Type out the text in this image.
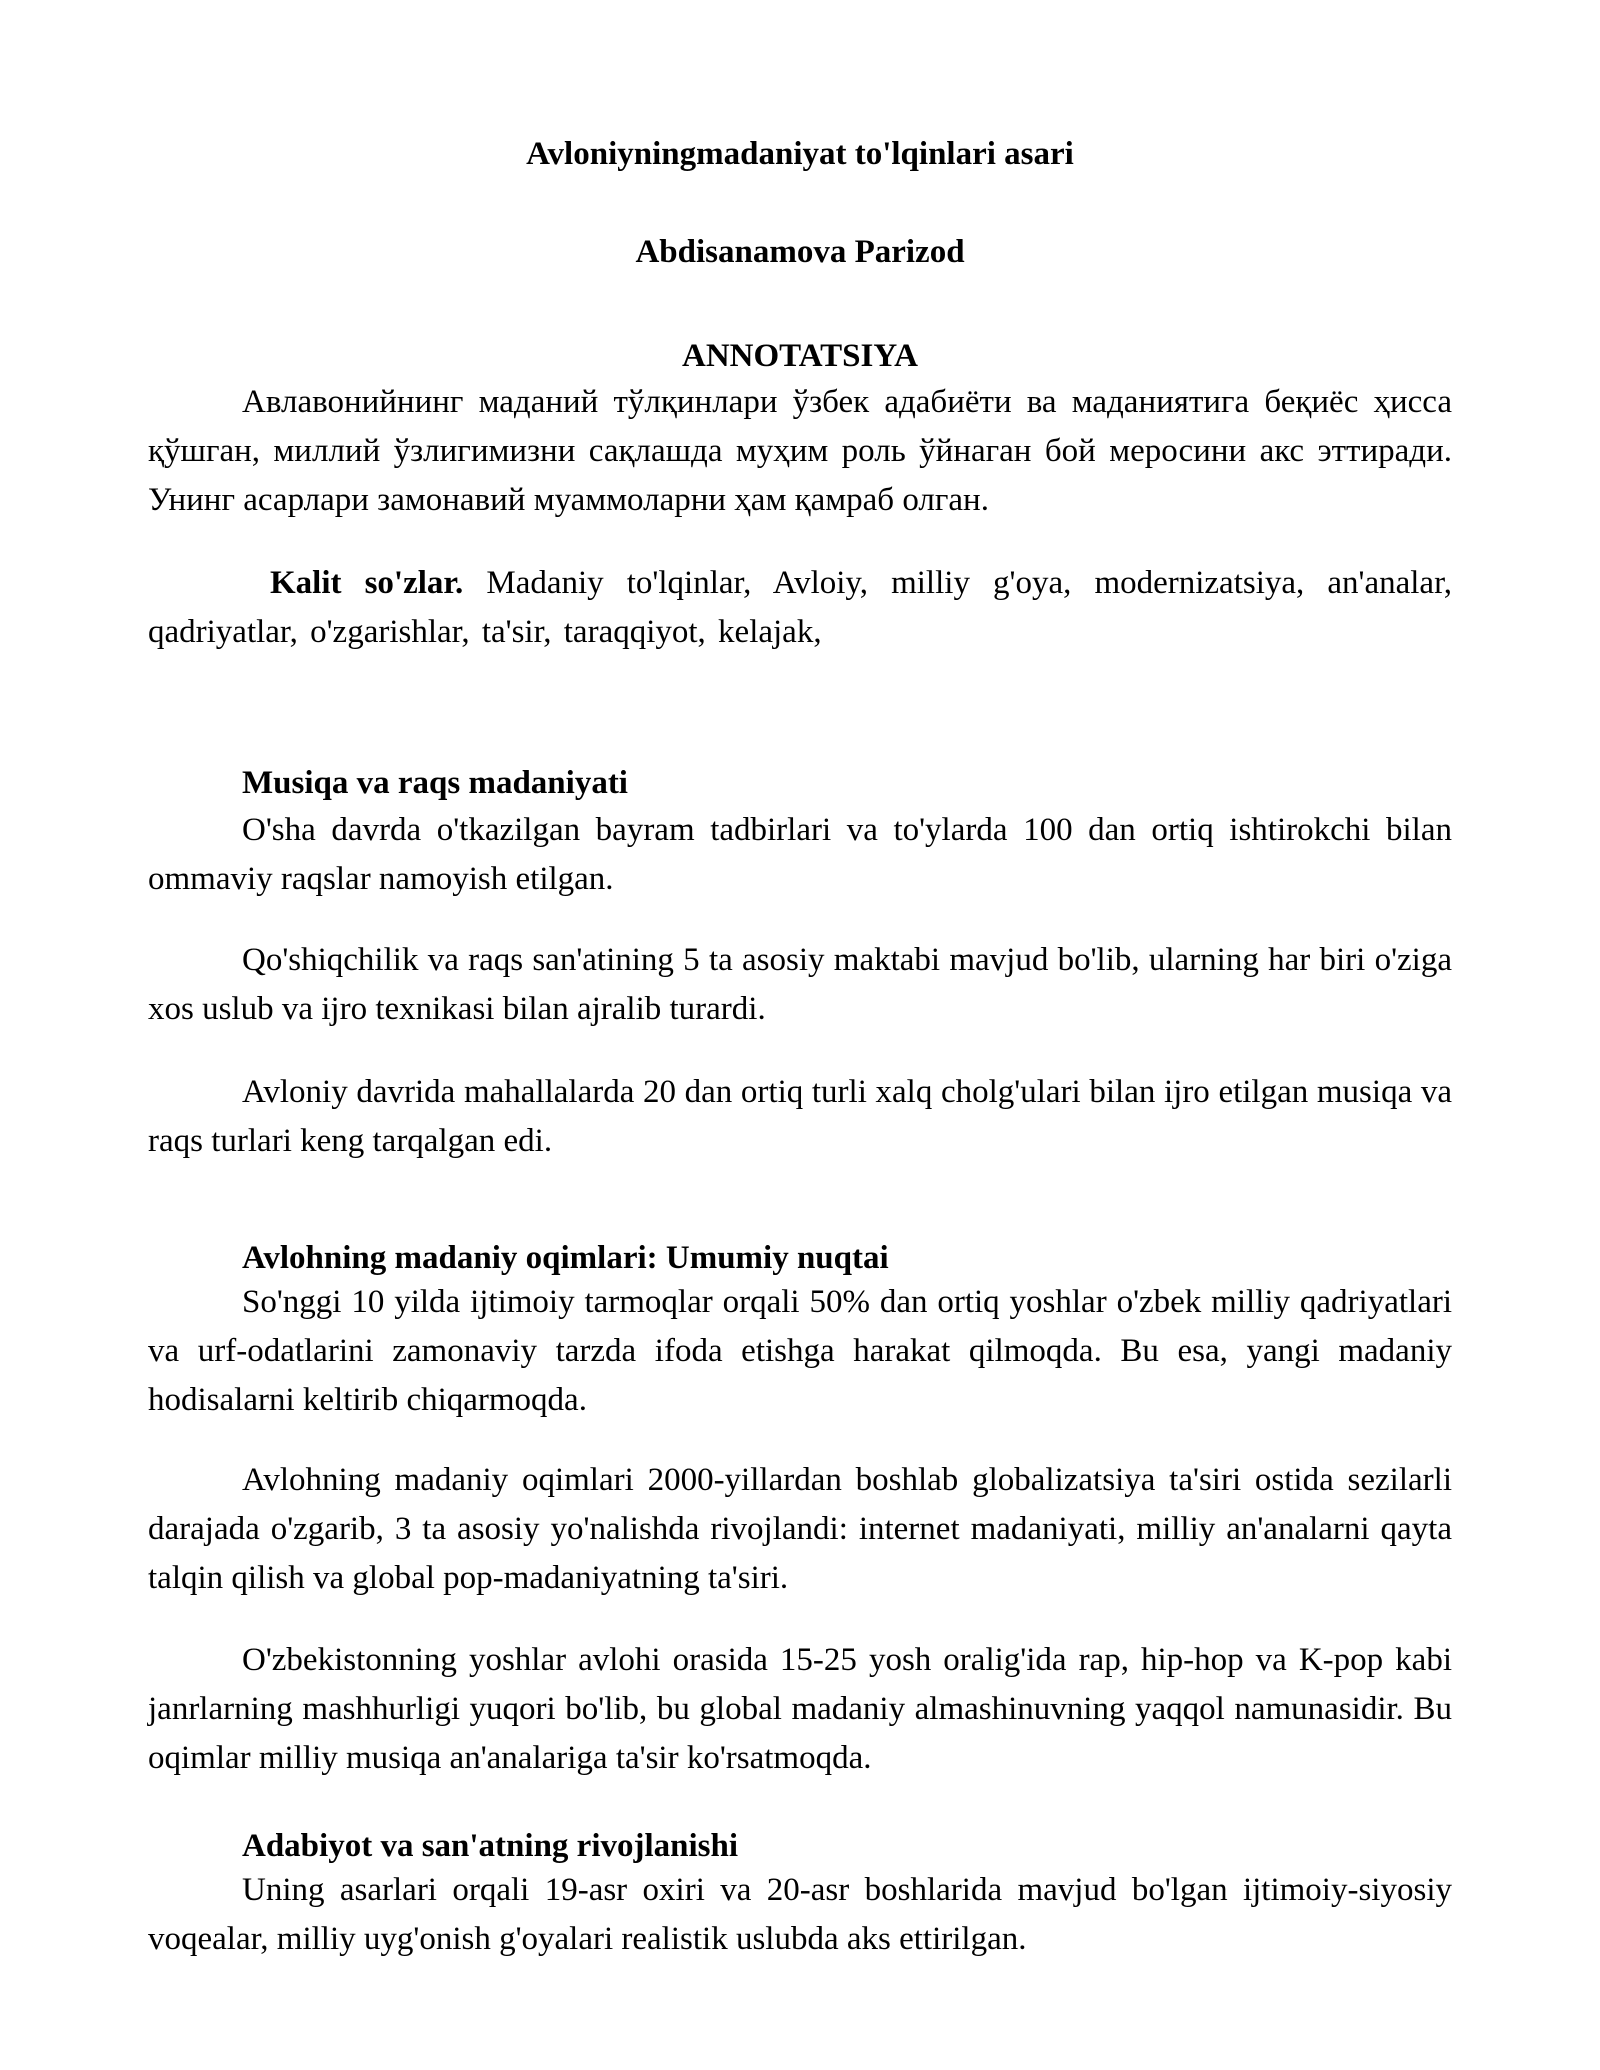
Avloniyningmadaniyat to'lqinlari asari
Abdisanamova Parizod
ANNOTATSIYA

Авлавонийнинг маданий тўлқинлари ўзбек адабиёти ва маданиятига беқиёс ҳисса қўшган, миллий ўзлигимизни сақлашда муҳим роль ўйнаган бой меросини акс эттиради. Унинг асарлари замонавий муаммоларни ҳам қамраб олган.

Kalit so'zlar. Madaniy to'lqinlar, Avloiy, milliy g'oya, modernizatsiya, an'analar, qadriyatlar, o'zgarishlar, ta'sir, taraqqiyot, kelajak,

Musiqa va raqs madaniyati

O'sha davrda o'tkazilgan bayram tadbirlari va to'ylarda 100 dan ortiq ishtirokchi bilan ommaviy raqslar namoyish etilgan.

Qo'shiqchilik va raqs san'atining 5 ta asosiy maktabi mavjud bo'lib, ularning har biri o'ziga xos uslub va ijro texnikasi bilan ajralib turardi.

Avloniy davrida mahallalarda 20 dan ortiq turli xalq cholg'ulari bilan ijro etilgan musiqa va raqs turlari keng tarqalgan edi.

Avlohning madaniy oqimlari: Umumiy nuqtai

So'nggi 10 yilda ijtimoiy tarmoqlar orqali 50% dan ortiq yoshlar o'zbek milliy qadriyatlari va urf-odatlarini zamonaviy tarzda ifoda etishga harakat qilmoqda. Bu esa, yangi madaniy hodisalarni keltirib chiqarmoqda.

Avlohning madaniy oqimlari 2000-yillardan boshlab globalizatsiya ta'siri ostida sezilarli darajada o'zgarib, 3 ta asosiy yo'nalishda rivojlandi: internet madaniyati, milliy an'analarni qayta talqin qilish va global pop-madaniyatning ta'siri.

O'zbekistonning yoshlar avlohi orasida 15-25 yosh oralig'ida rap, hip-hop va K-pop kabi janrlarning mashhurligi yuqori bo'lib, bu global madaniy almashinuvning yaqqol namunasidir. Bu oqimlar milliy musiqa an'analariga ta'sir ko'rsatmoqda.

Adabiyot va san'atning rivojlanishi

Uning asarlari orqali 19-asr oxiri va 20-asr boshlarida mavjud bo'lgan ijtimoiy-siyosiy voqealar, milliy uyg'onish g'oyalari realistik uslubda aks ettirilgan.
